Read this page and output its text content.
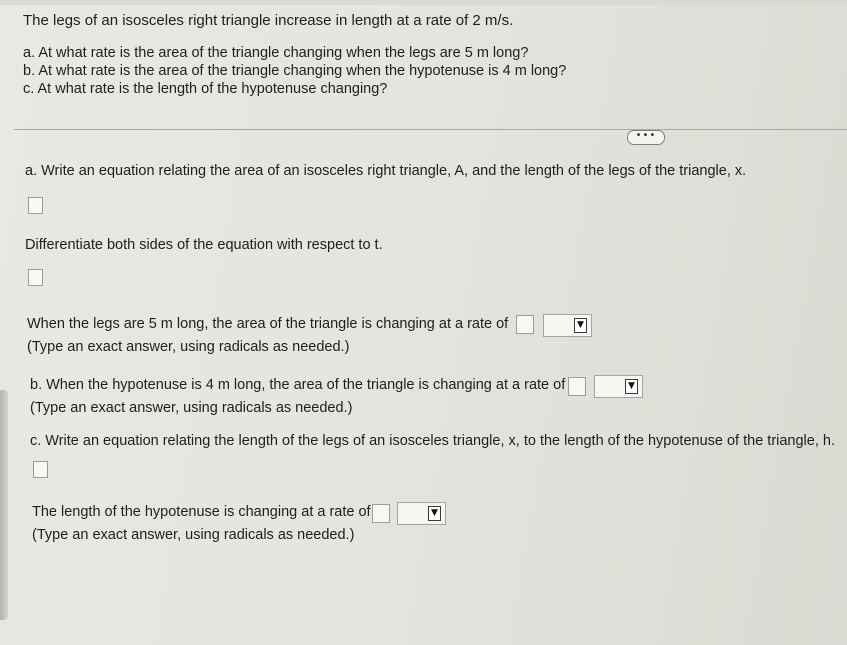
The legs of an isosceles right triangle increase in length at a rate of 2 m/s.
a. At what rate is the area of the triangle changing when the legs are 5 m long?
b. At what rate is the area of the triangle changing when the hypotenuse is 4 m long?
c. At what rate is the length of the hypotenuse changing?
•••
a. Write an equation relating the area of an isosceles right triangle, A, and the length of the legs of the triangle, x.
Differentiate both sides of the equation with respect to t.
When the legs are 5 m long, the area of the triangle is changing at a rate of	▼
(Type an exact answer, using radicals as needed.)
b. When the hypotenuse is 4 m long, the area of the triangle is changing at a rate of	▼
(Type an exact answer, using radicals as needed.)
c. Write an equation relating the length of the legs of an isosceles triangle, x, to the length of the hypotenuse of the triangle, h.
The length of the hypotenuse is changing at a rate of	▼
(Type an exact answer, using radicals as needed.)
